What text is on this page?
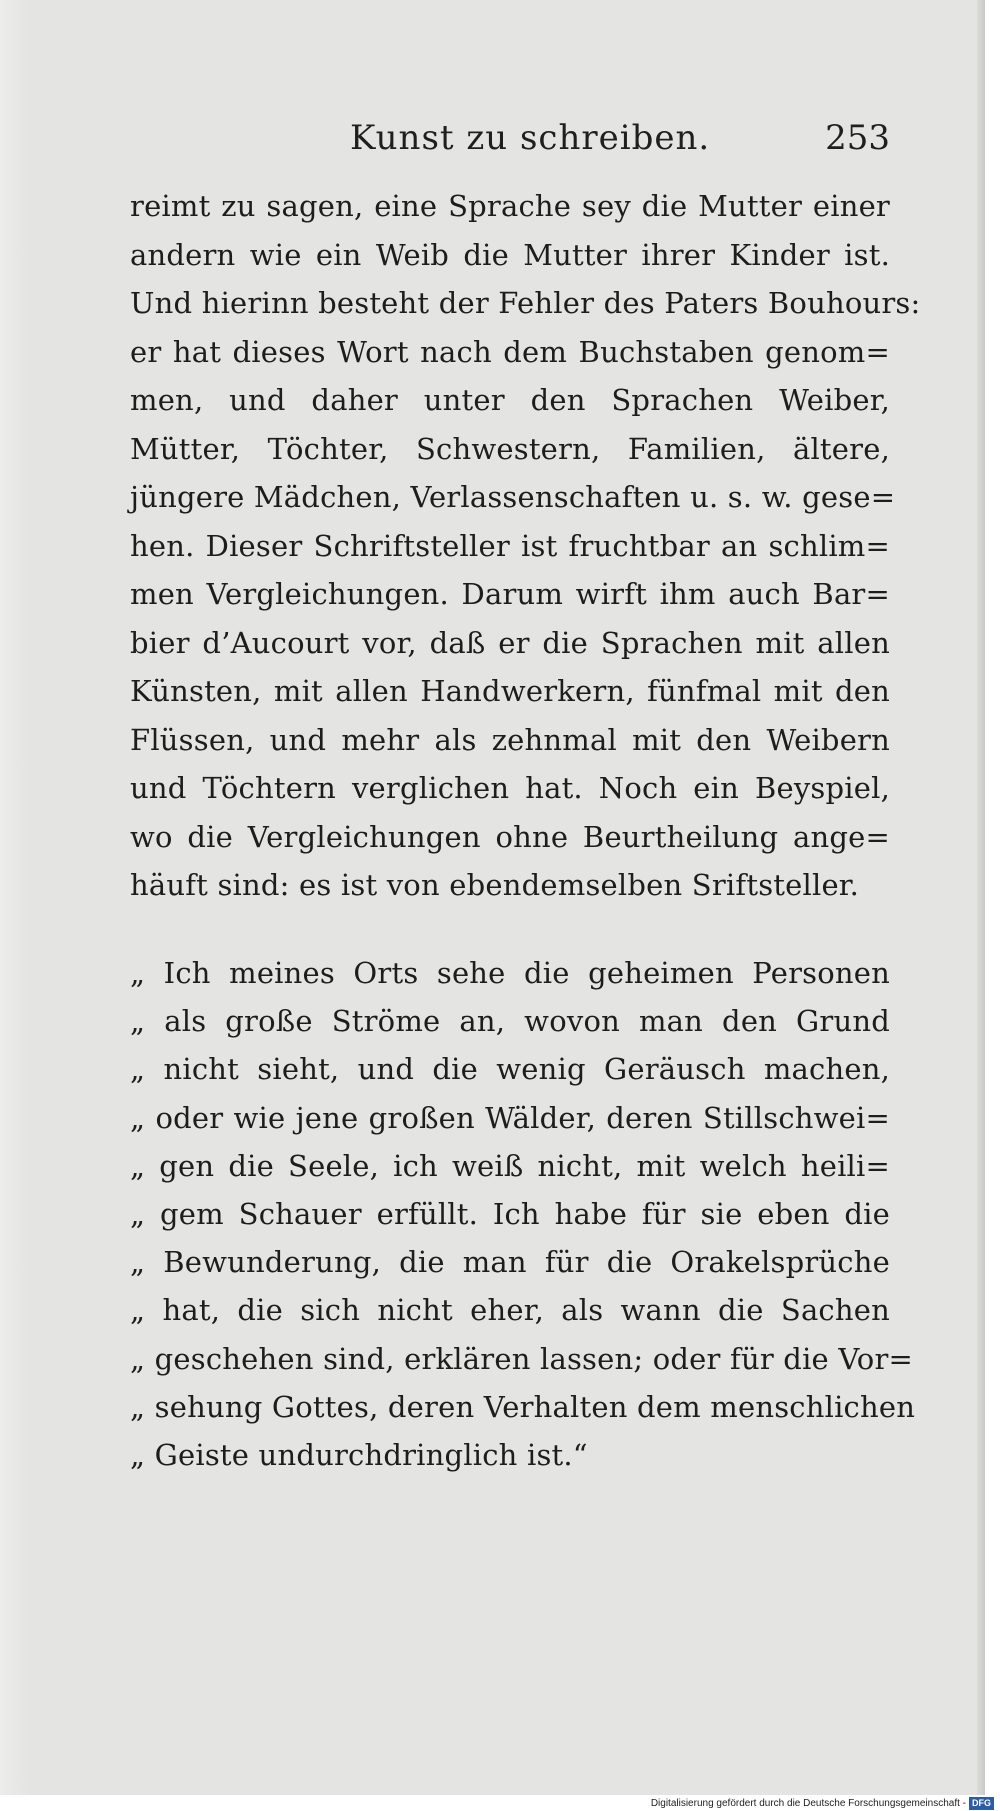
Kunst zu schreiben.	253
reimt zu sagen, eine Sprache sey die Mutter einer
andern wie ein Weib die Mutter ihrer Kinder ist.
Und hierinn besteht der Fehler des Paters Bouhours:
er hat dieses Wort nach dem Buchstaben genom=
men, und daher unter den Sprachen Weiber,
Mütter, Töchter, Schwestern, Familien, ältere,
jüngere Mädchen, Verlassenschaften u. s. w. gese=
hen. Dieser Schriftsteller ist fruchtbar an schlim=
men Vergleichungen. Darum wirft ihm auch Bar=
bier d’Aucourt vor, daß er die Sprachen mit allen
Künsten, mit allen Handwerkern, fünfmal mit den
Flüssen, und mehr als zehnmal mit den Weibern
und Töchtern verglichen hat. Noch ein Beyspiel,
wo die Vergleichungen ohne Beurtheilung ange=
häuft sind: es ist von ebendemselben Sriftsteller.
„ Ich meines Orts sehe die geheimen Personen
„ als große Ströme an, wovon man den Grund
„ nicht sieht, und die wenig Geräusch machen,
„ oder wie jene großen Wälder, deren Stillschwei=
„ gen die Seele, ich weiß nicht, mit welch heili=
„ gem Schauer erfüllt. Ich habe für sie eben die
„ Bewunderung, die man für die Orakelsprüche
„ hat, die sich nicht eher, als wann die Sachen
„ geschehen sind, erklären lassen; oder für die Vor=
„ sehung Gottes, deren Verhalten dem menschlichen
„ Geiste undurchdringlich ist.“
Digitalisierung gefördert durch die Deutsche Forschungsgemeinschaft - DFG
